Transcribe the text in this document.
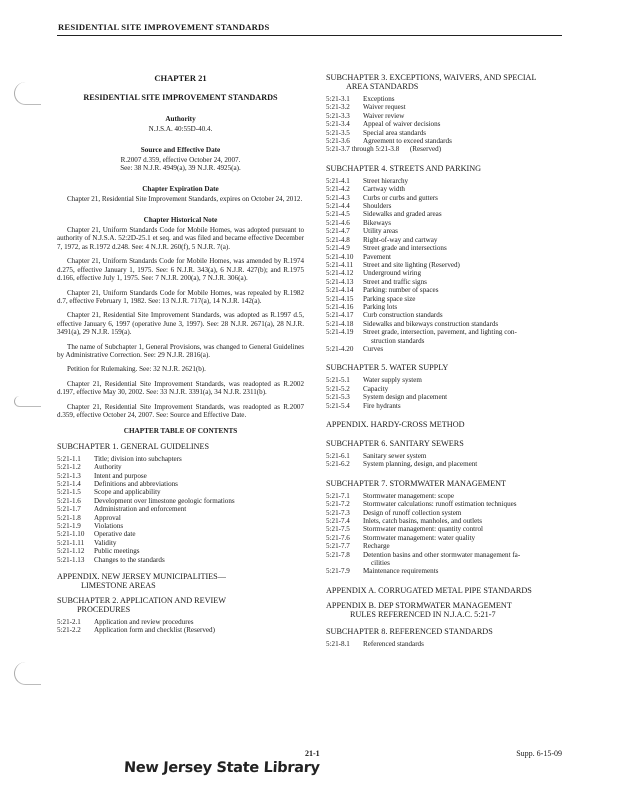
RESIDENTIAL SITE IMPROVEMENT STANDARDS
CHAPTER 21
RESIDENTIAL SITE IMPROVEMENT STANDARDS
Authority
N.J.S.A. 40:55D-40.4.
Source and Effective Date
R.2007 d.359, effective October 24, 2007.
See: 38 N.J.R. 4949(a), 39 N.J.R. 4925(a).
Chapter Expiration Date

Chapter 21, Residential Site Improvement Standards, expires on October 24, 2012.

Chapter Historical Note

Chapter 21, Uniform Standards Code for Mobile Homes, was adopted pursuant to authority of N.J.S.A. 52:2D-25.1 et seq. and was filed and became effective December 7, 1972, as R.1972 d.248. See: 4 N.J.R. 260(f), 5 N.J.R. 7(a).

Chapter 21, Uniform Standards Code for Mobile Homes, was amended by R.1974 d.275, effective January 1, 1975. See: 6 N.J.R. 343(a), 6 N.J.R. 427(b); and R.1975 d.166, effective July 1, 1975. See: 7 N.J.R. 200(a), 7 N.J.R. 306(a).

Chapter 21, Uniform Standards Code for Mobile Homes, was repealed by R.1982 d.7, effective February 1, 1982. See: 13 N.J.R. 717(a), 14 N.J.R. 142(a).

Chapter 21, Residential Site Improvement Standards, was adopted as R.1997 d.5, effective January 6, 1997 (operative June 3, 1997). See: 28 N.J.R. 2671(a), 28 N.J.R. 3491(a), 29 N.J.R. 159(a).

The name of Subchapter 1, General Provisions, was changed to General Guidelines by Administrative Correction. See: 29 N.J.R. 2816(a).

Petition for Rulemaking. See: 32 N.J.R. 2621(b).

Chapter 21, Residential Site Improvement Standards, was readopted as R.2002 d.197, effective May 30, 2002. See: 33 N.J.R. 3391(a), 34 N.J.R. 2311(b).

Chapter 21, Residential Site Improvement Standards, was readopted as R.2007 d.359, effective October 24, 2007. See: Source and Effective Date.

CHAPTER TABLE OF CONTENTS
SUBCHAPTER 1. GENERAL GUIDELINES
5:21-1.1	Title; division into subchapters
5:21-1.2	Authority
5:21-1.3	Intent and purpose
5:21-1.4	Definitions and abbreviations
5:21-1.5	Scope and applicability
5:21-1.6	Development over limestone geologic formations
5:21-1.7	Administration and enforcement
5:21-1.8	Approval
5:21-1.9	Violations
5:21-1.10	Operative date
5:21-1.11	Validity
5:21-1.12	Public meetings
5:21-1.13	Changes to the standards
APPENDIX. NEW JERSEY MUNICIPALITIES—
LIMESTONE AREAS
SUBCHAPTER 2. APPLICATION AND REVIEW
PROCEDURES
5:21-2.1	Application and review procedures
5:21-2.2	Application form and checklist (Reserved)
SUBCHAPTER 3. EXCEPTIONS, WAIVERS, AND SPECIAL
AREA STANDARDS
5:21-3.1	Exceptions
5:21-3.2	Waiver request
5:21-3.3	Waiver review
5:21-3.4	Appeal of waiver decisions
5:21-3.5	Special area standards
5:21-3.6	Agreement to exceed standards
5:21-3.7 through 5:21-3.8      (Reserved)
SUBCHAPTER 4. STREETS AND PARKING
5:21-4.1	Street hierarchy
5:21-4.2	Cartway width
5:21-4.3	Curbs or curbs and gutters
5:21-4.4	Shoulders
5:21-4.5	Sidewalks and graded areas
5:21-4.6	Bikeways
5:21-4.7	Utility areas
5:21-4.8	Right-of-way and cartway
5:21-4.9	Street grade and intersections
5:21-4.10	Pavement
5:21-4.11	Street and site lighting (Reserved)
5:21-4.12	Underground wiring
5:21-4.13	Street and traffic signs
5:21-4.14	Parking: number of spaces
5:21-4.15	Parking space size
5:21-4.16	Parking lots
5:21-4.17	Curb construction standards
5:21-4.18	Sidewalks and bikeways construction standards
5:21-4.19	Street grade, intersection, pavement, and lighting con-
struction standards
5:21-4.20	Curves
SUBCHAPTER 5. WATER SUPPLY
5:21-5.1	Water supply system
5:21-5.2	Capacity
5:21-5.3	System design and placement
5:21-5.4	Fire hydrants
APPENDIX. HARDY-CROSS METHOD
SUBCHAPTER 6. SANITARY SEWERS
5:21-6.1	Sanitary sewer system
5:21-6.2	System planning, design, and placement
SUBCHAPTER 7. STORMWATER MANAGEMENT
5:21-7.1	Stormwater management: scope
5:21-7.2	Stormwater calculations: runoff estimation techniques
5:21-7.3	Design of runoff collection system
5:21-7.4	Inlets, catch basins, manholes, and outlets
5:21-7.5	Stormwater management: quantity control
5:21-7.6	Stormwater management: water quality
5:21-7.7	Recharge
5:21-7.8	Detention basins and other stormwater management fa-
cilities
5:21-7.9	Maintenance requirements
APPENDIX A. CORRUGATED METAL PIPE STANDARDS
APPENDIX B. DEP STORMWATER MANAGEMENT
RULES REFERENCED IN N.J.A.C. 5:21-7
SUBCHAPTER 8. REFERENCED STANDARDS
5:21-8.1	Referenced standards
21-1	Supp. 6-15-09
New Jersey State Library
